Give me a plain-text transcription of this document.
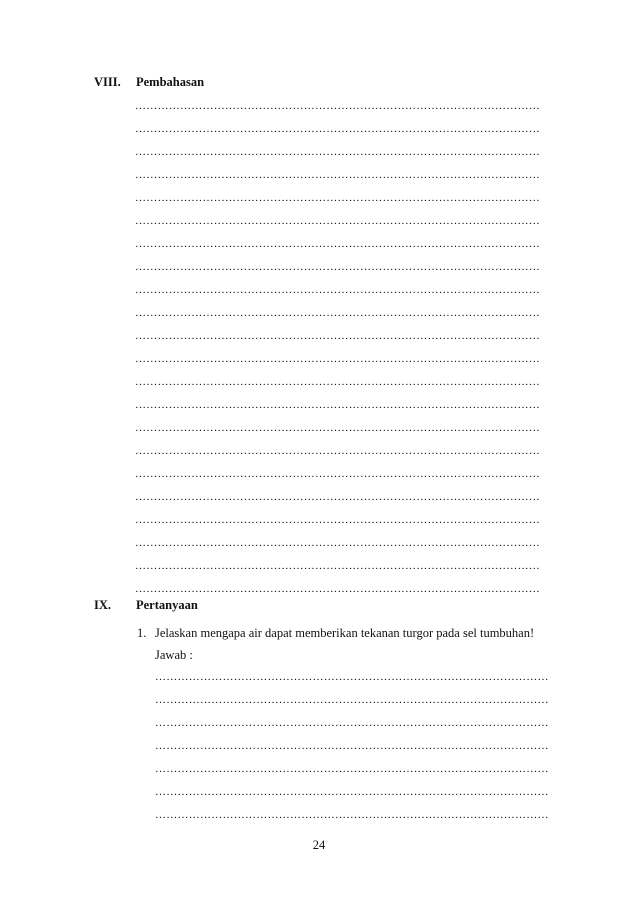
VIII. Pembahasan
………………………………………………………………………………………………
………………………………………………………………………………………………
………………………………………………………………………………………………
………………………………………………………………………………………………
………………………………………………………………………………………………
………………………………………………………………………………………………
………………………………………………………………………………………………
………………………………………………………………………………………………
………………………………………………………………………………………………
………………………………………………………………………………………………
………………………………………………………………………………………………
………………………………………………………………………………………………
………………………………………………………………………………………………
………………………………………………………………………………………………
………………………………………………………………………………………………
………………………………………………………………………………………………
………………………………………………………………………………………………
………………………………………………………………………………………………
………………………………………………………………………………………………
………………………………………………………………………………………………
………………………………………………………………………………………………
………………………………………………………………………………………………
IX. Pertanyaan
1. Jelaskan mengapa air dapat memberikan tekanan turgor pada sel tumbuhan!
Jawab :
……………………………………………………………………………………………
……………………………………………………………………………………………
……………………………………………………………………………………………
……………………………………………………………………………………………
……………………………………………………………………………………………
……………………………………………………………………………………………
……………………………………………………………………………………………
24
